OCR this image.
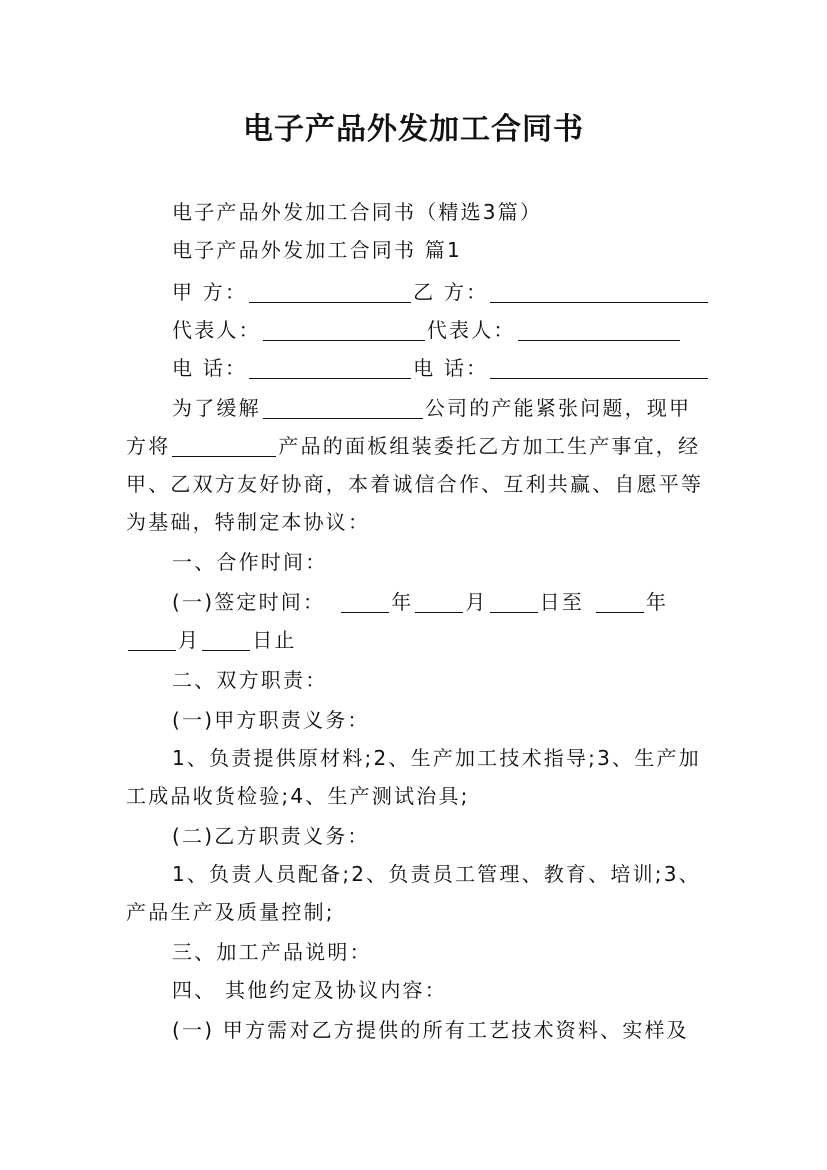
电子产品外发加工合同书
电子产品外发加工合同书（精选3篇）
电子产品外发加工合同书 篇1
甲 方：	乙 方：
代表人：	代表人：
电 话：	电 话：
为了缓解	公司的产能紧张问题，现甲
方将	产品的面板组装委托乙方加工生产事宜，经
甲、乙双方友好协商，本着诚信合作、互利共赢、自愿平等
为基础，特制定本协议：
一、合作时间：
(一)签定时间：	年	月	日至	年
月	日止
二、双方职责：
(一)甲方职责义务：
1、负责提供原材料;2、生产加工技术指导;3、生产加
工成品收货检验;4、生产测试治具;
(二)乙方职责义务：
1、负责人员配备;2、负责员工管理、教育、培训;3、
产品生产及质量控制;
三、加工产品说明：
四、 其他约定及协议内容：
(一) 甲方需对乙方提供的所有工艺技术资料、实样及
